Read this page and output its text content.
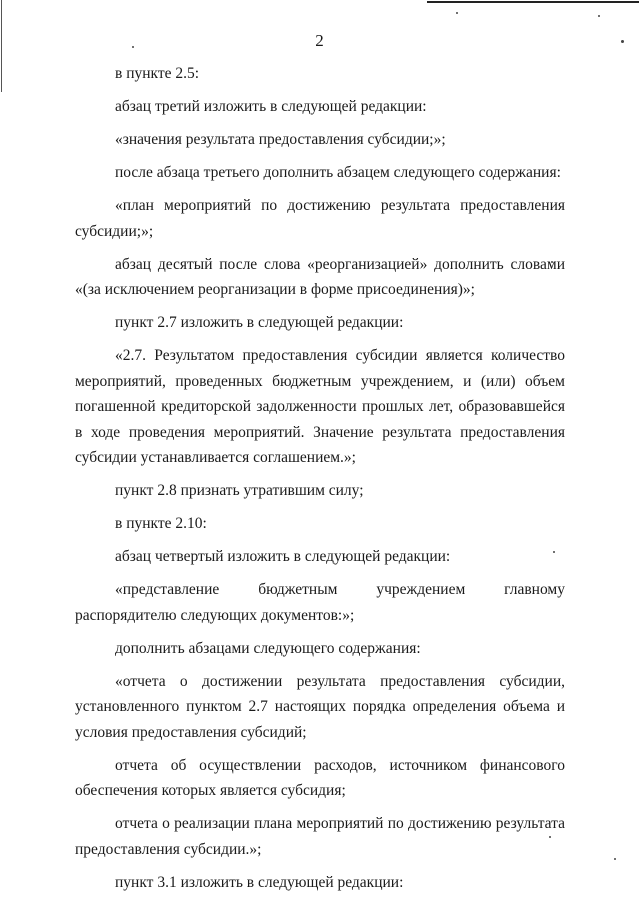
2

в пункте 2.5:

абзац третий изложить в следующей редакции:

«значения результата предоставления субсидии;»;

после абзаца третьего дополнить абзацем следующего содержания:

«план мероприятий по достижению результата предоставления субсидии;»;

абзац десятый после слова «реорганизацией» дополнить словами «(за исключением реорганизации в форме присоединения)»;

пункт 2.7 изложить в следующей редакции:

«2.7. Результатом предоставления субсидии является количество мероприятий, проведенных бюджетным учреждением, и (или) объем погашенной кредиторской задолженности прошлых лет, образовавшейся в ходе проведения мероприятий. Значение результата предоставления субсидии устанавливается соглашением.»;

пункт 2.8 признать утратившим силу;

в пункте 2.10:

абзац четвертый изложить в следующей редакции:

«представление бюджетным учреждением главному распорядителю следующих документов:»;

дополнить абзацами следующего содержания:

«отчета о достижении результата предоставления субсидии, установленного пунктом 2.7 настоящих порядка определения объема и условия предоставления субсидий;

отчета об осуществлении расходов, источником финансового обеспечения которых является субсидия;

отчета о реализации плана мероприятий по достижению результата предоставления субсидии.»;

пункт 3.1 изложить в следующей редакции:
